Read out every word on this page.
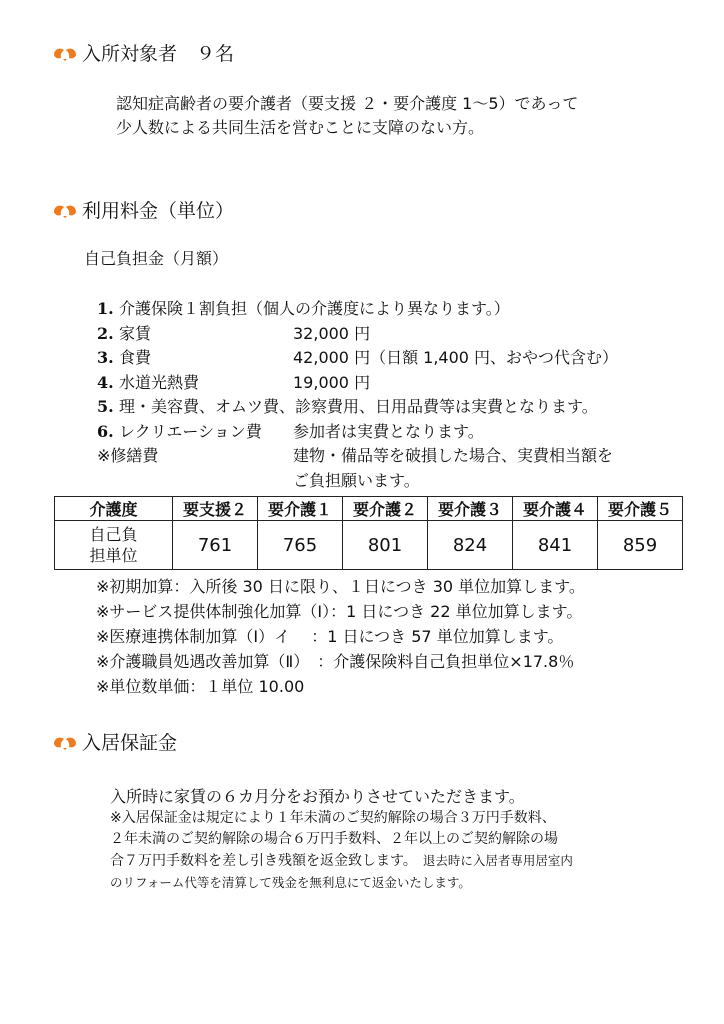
入所対象者　９名
認知症高齢者の要介護者（要支援 ２・要介護度 1～5）であって
少人数による共同生活を営むことに支障のない方。
利用料金（単位）
自己負担金（月額）
1. 介護保険１割負担（個人の介護度により異なります。）
2. 家賃	32,000 円
3. 食費	42,000 円（日額 1,400 円、おやつ代含む）
4. 水道光熱費	19,000 円
5. 理・美容費、オムツ費、診察費用、日用品費等は実費となります。
6. レクリエーション費 参加者は実費となります。
※修繕費	建物・備品等を破損した場合、実費相当額を
ご負担願います。
介護度	要支援２	要介護１	要介護２	要介護３	要介護４	要介護５

自己負
担単位	761	765	801	824	841	859
※初期加算：入所後 30 日に限り、１日につき 30 単位加算します。
※サービス提供体制強化加算（Ⅰ）：1 日につき 22 単位加算します。
※医療連携体制加算（Ⅰ）イ　 ：1 日につき 57 単位加算します。
※介護職員処遇改善加算（Ⅱ）　：介護保険料自己負担単位×17.8％
※単位数単価：１単位 10.00
入居保証金
入所時に家賃の６カ月分をお預かりさせていただきます。
※入居保証金は規定により１年未満のご契約解除の場合３万円手数料、
２年未満のご契約解除の場合６万円手数料、２年以上のご契約解除の場
合７万円手数料を差し引き残額を返金致します。 退去時に入居者専用居室内
のリフォーム代等を清算して残金を無利息にて返金いたします。
